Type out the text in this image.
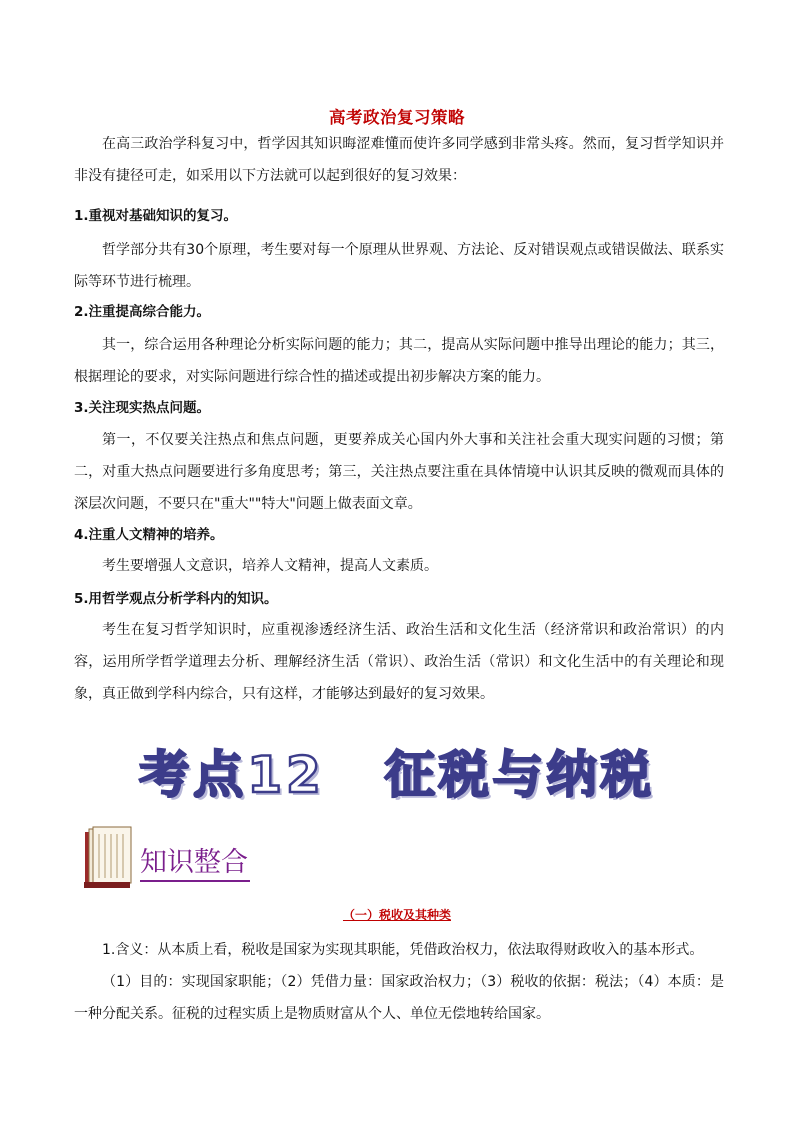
高考政治复习策略

在高三政治学科复习中，哲学因其知识晦涩难懂而使许多同学感到非常头疼。然而，复习哲学知识并非没有捷径可走，如采用以下方法就可以起到很好的复习效果：

1.重视对基础知识的复习。

哲学部分共有30个原理，考生要对每一个原理从世界观、方法论、反对错误观点或错误做法、联系实际等环节进行梳理。

2.注重提高综合能力。

其一，综合运用各种理论分析实际问题的能力；其二，提高从实际问题中推导出理论的能力；其三，根据理论的要求，对实际问题进行综合性的描述或提出初步解决方案的能力。

3.关注现实热点问题。

第一，不仅要关注热点和焦点问题，更要养成关心国内外大事和关注社会重大现实问题的习惯；第二，对重大热点问题要进行多角度思考；第三，关注热点要注重在具体情境中认识其反映的微观而具体的深层次问题，不要只在"重大""特大"问题上做表面文章。

4.注重人文精神的培养。

考生要增强人文意识，培养人文精神，提高人文素质。

5.用哲学观点分析学科内的知识。

考生在复习哲学知识时，应重视渗透经济生活、政治生活和文化生活（经济常识和政治常识）的内容，运用所学哲学道理去分析、理解经济生活（常识）、政治生活（常识）和文化生活中的有关理论和现象，真正做到学科内综合，只有这样，才能够达到最好的复习效果。

考点12 征税与纳税
知识整合
（一）税收及其种类

1.含义：从本质上看，税收是国家为实现其职能，凭借政治权力，依法取得财政收入的基本形式。

（1）目的：实现国家职能；（2）凭借力量：国家政治权力；（3）税收的依据：税法；（4）本质：是一种分配关系。征税的过程实质上是物质财富从个人、单位无偿地转给国家。
